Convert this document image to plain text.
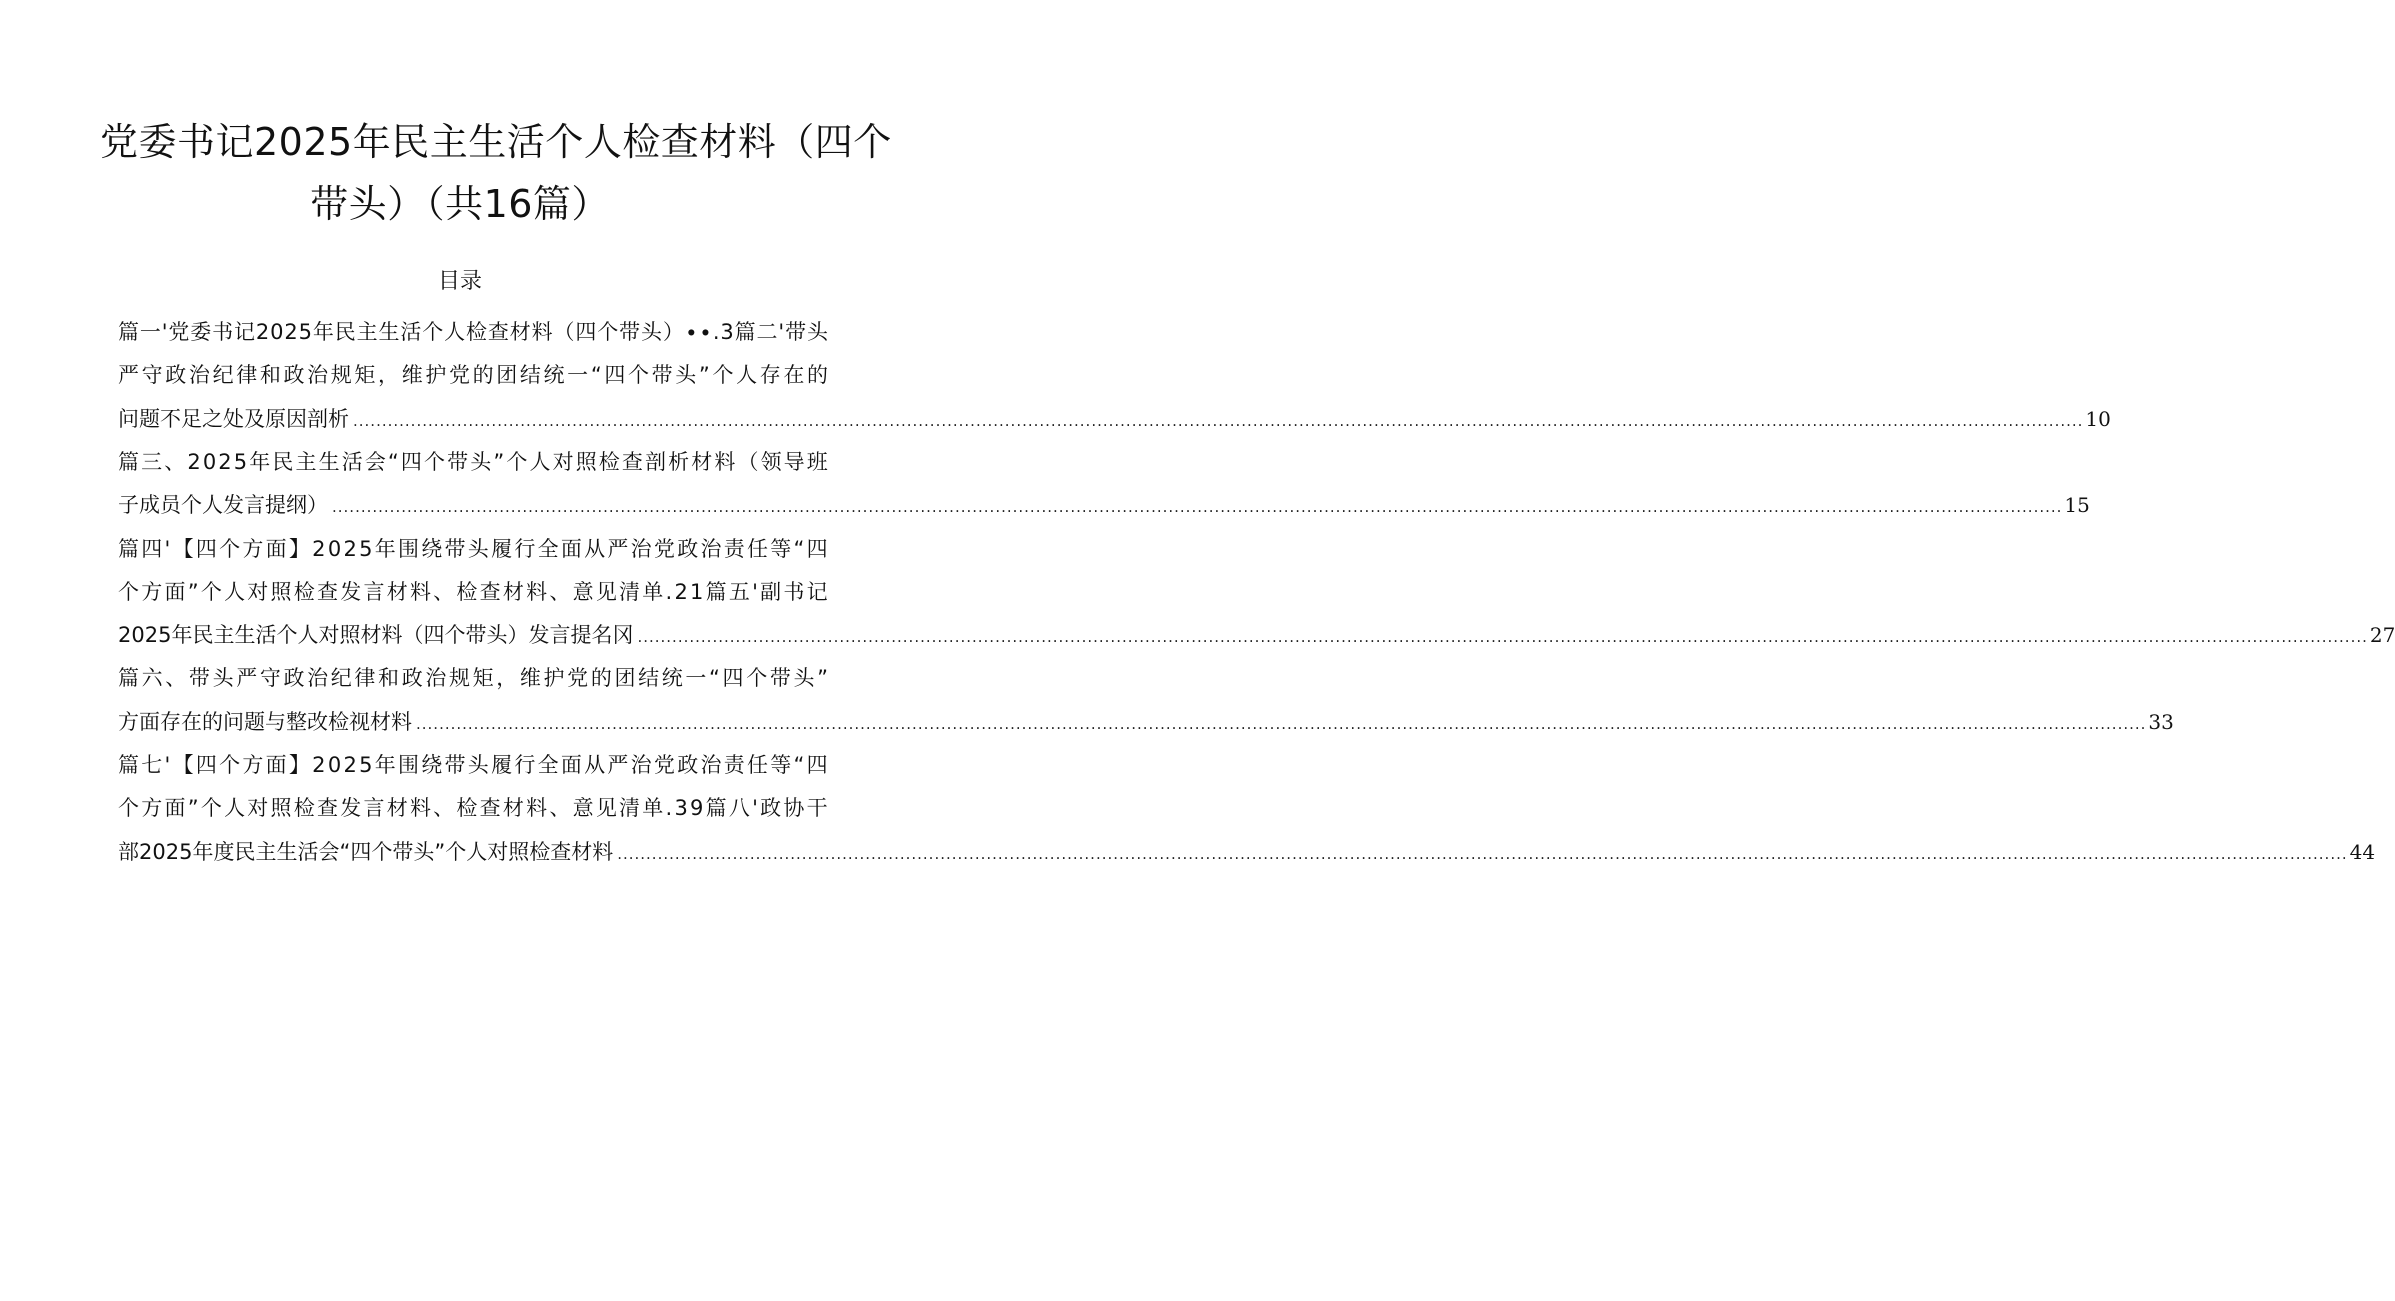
党委书记2025年民主生活个人检查材料（四个
带头）（共16篇）
目录
篇 一 ' 党 委 书 记 2 0 2 5 年 民 主 生 活 个 人 检 查 材 料 （ 四 个 带 头 ） ∙ ∙ . 3 篇 二 ' 带 头
严 守 政 治 纪 律 和 政 治 规 矩 ， 维 护 党 的 团 结 统 一 “ 四 个 带 头 ” 个 人 存 在 的
问题不足之处及原因剖析 ............................................................................................................................................................................................................................................................................................................ 10
篇 三 、 2 0 2 5 年 民 主 生 活 会 “ 四 个 带 头 ” 个 人 对 照 检 查 剖 析 材 料 （ 领 导 班
子成员个人发言提纲） ............................................................................................................................................................................................................................................................................................................ 15
篇 四 ' 【 四 个 方 面 】 2 0 2 5 年 围 绕 带 头 履 行 全 面 从 严 治 党 政 治 责 任 等 “ 四
个 方 面 ” 个 人 对 照 检 查 发 言 材 料 、 检 查 材 料 、 意 见 清 单 . 2 1 篇 五 ' 副 书 记
2025年民主生活个人对照材料（四个带头）发言提名冈 ............................................................................................................................................................................................................................................................................................................ 27
篇 六 、 带 头 严 守 政 治 纪 律 和 政 治 规 矩 ， 维 护 党 的 团 结 统 一 “ 四 个 带 头 ”
方面存在的问题与整改检视材料 ............................................................................................................................................................................................................................................................................................................ 33
篇 七 ' 【 四 个 方 面 】 2 0 2 5 年 围 绕 带 头 履 行 全 面 从 严 治 党 政 治 责 任 等 “ 四
个 方 面 ” 个 人 对 照 检 查 发 言 材 料 、 检 查 材 料 、 意 见 清 单 . 3 9 篇 八 ' 政 协 干
部2025年度民主生活会“四个带头”个人对照检查材料 ............................................................................................................................................................................................................................................................................................................ 44
